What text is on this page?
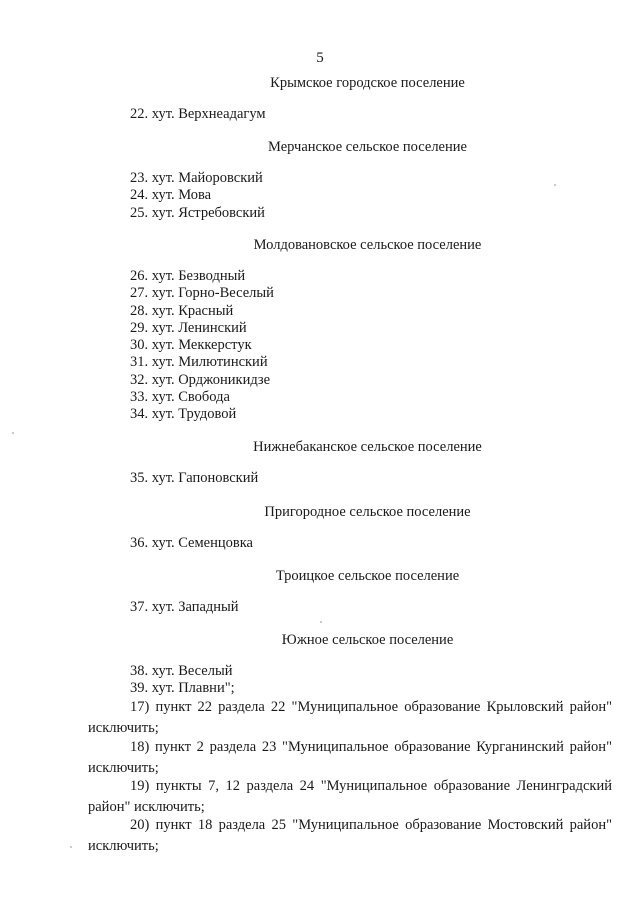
5
Крымское городское поселение
22. хут. Верхнеадагум
Мерчанское сельское поселение
23. хут. Майоровский
24. хут. Мова
25. хут. Ястребовский
Молдовановское сельское поселение
26. хут. Безводный
27. хут. Горно-Веселый
28. хут. Красный
29. хут. Ленинский
30. хут. Меккерстук
31. хут. Милютинский
32. хут. Орджоникидзе
33. хут. Свобода
34. хут. Трудовой
Нижнебаканское сельское поселение
35. хут. Гапоновский
Пригородное сельское поселение
36. хут. Семенцовка
Троицкое сельское поселение
37. хут. Западный
Южное сельское поселение
38. хут. Веселый
39. хут. Плавни";

17) пункт 22 раздела 22 "Муниципальное образование Крыловский район" исключить;

18) пункт 2 раздела 23 "Муниципальное образование Курганинский район" исключить;

19) пункты 7, 12 раздела 24 "Муниципальное образование Ленинградский район" исключить;

20) пункт 18 раздела 25 "Муниципальное образование Мостовский район" исключить;
